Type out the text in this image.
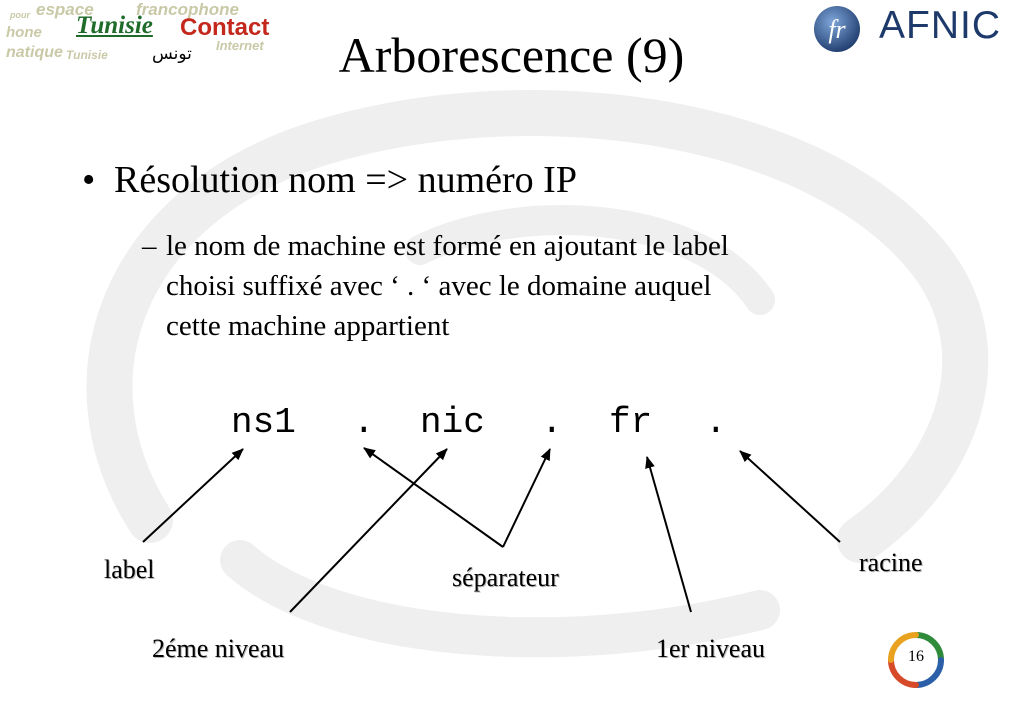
espace francophone
hone
natique
pour
Internet
Tunisie
Tunisie Contact
تونس
fr AFNIC
Arborescence (9)
• Résolution nom => numéro IP
– le nom de machine est formé en ajoutant le label
choisi suffixé avec ‘ . ‘ avec le domaine auquel
cette machine appartient
ns1 . nic . fr .
label	séparateur
racine
2éme niveau	1er niveau	16
